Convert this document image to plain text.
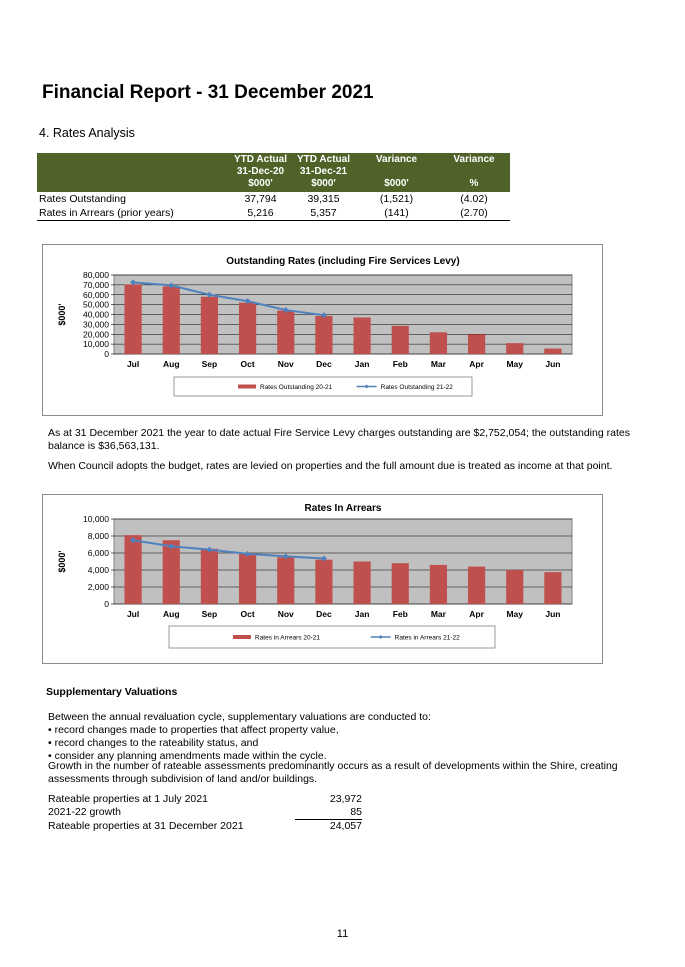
Financial Report - 31 December 2021
4. Rates Analysis
	YTD Actual	YTD Actual	Variance	Variance
	31-Dec-20	31-Dec-21		
	$000'	$000'	$000'	%
Rates Outstanding	37,794	39,315	(1,521)	(4.02)
Rates in Arrears (prior years)	5,216	5,357	(141)	(2.70)
Outstanding Rates (including Fire Services Levy)
0
10,000
20,000
30,000
40,000
50,000
60,000
70,000
80,000
$000'
Jul	Aug	Sep	Oct	Nov	Dec	Jan	Feb	Mar	Apr	May	Jun
Rates Outstanding 20-21	Rates Outstanding 21-22
As at 31 December 2021 the year to date actual Fire Service Levy charges outstanding are $2,752,054; the outstanding rates
balance is $36,563,131.
When Council adopts the budget, rates are levied on properties and the full amount due is treated as income at that point.
Rates In Arrears
0
2,000
4,000
6,000
8,000
10,000
$000'
Jul	Aug	Sep	Oct	Nov	Dec	Jan	Feb	Mar	Apr	May	Jun
Rates in Arrears 20-21	Rates in Arrears 21-22
Supplementary Valuations
Between the annual revaluation cycle, supplementary valuations are conducted to:
• record changes made to properties that affect property value,
• record changes to the rateability status, and
• consider any planning amendments made within the cycle.
Growth in the number of rateable assessments predominantly occurs as a result of developments within the Shire, creating
assessments through subdivision of land and/or buildings.
Rateable properties at 1 July 2021	23,972
2021-22 growth	85
Rateable properties at 31 December 2021	24,057
11
